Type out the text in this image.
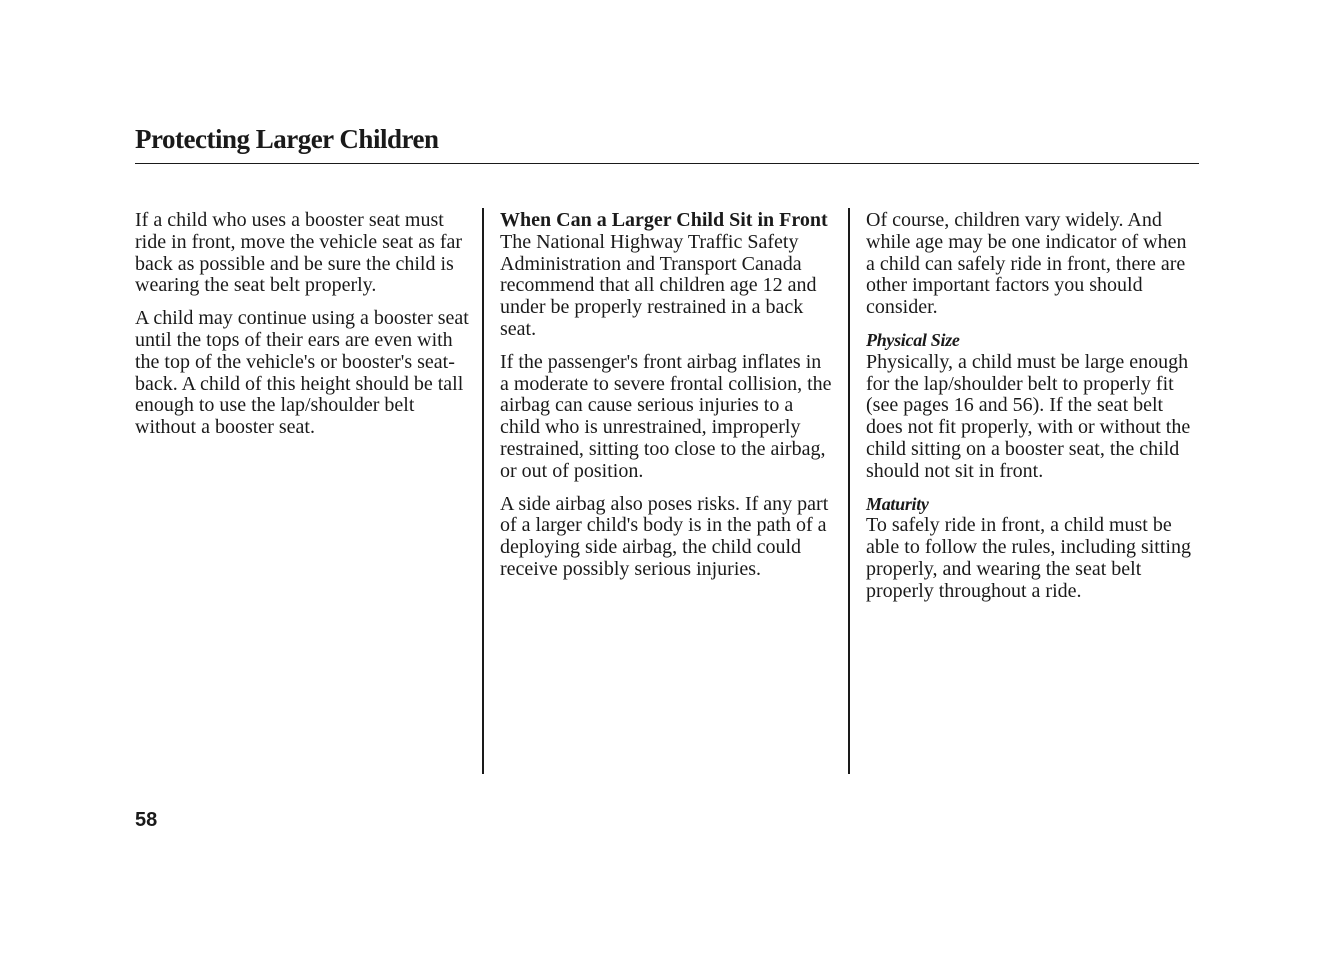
Protecting Larger Children

If a child who uses a booster seat must ride in front, move the vehicle seat as far back as possible and be sure the child is wearing the seat belt properly.

A child may continue using a booster seat until the tops of their ears are even with the top of the vehicle's or booster's seat-back. A child of this height should be tall enough to use the lap/shoulder belt without a booster seat.

When Can a Larger Child Sit in Front
The National Highway Traffic Safety Administration and Transport Canada recommend that all children age 12 and under be properly restrained in a back seat.

If the passenger's front airbag inflates in a moderate to severe frontal collision, the airbag can cause serious injuries to a child who is unrestrained, improperly restrained, sitting too close to the airbag, or out of position.

A side airbag also poses risks. If any part of a larger child's body is in the path of a deploying side airbag, the child could receive possibly serious injuries.

Of course, children vary widely. And while age may be one indicator of when a child can safely ride in front, there are other important factors you should consider.

Physical Size
Physically, a child must be large enough for the lap/shoulder belt to properly fit (see pages 16 and 56). If the seat belt does not fit properly, with or without the child sitting on a booster seat, the child should not sit in front.

Maturity
To safely ride in front, a child must be able to follow the rules, including sitting properly, and wearing the seat belt properly throughout a ride.

58
